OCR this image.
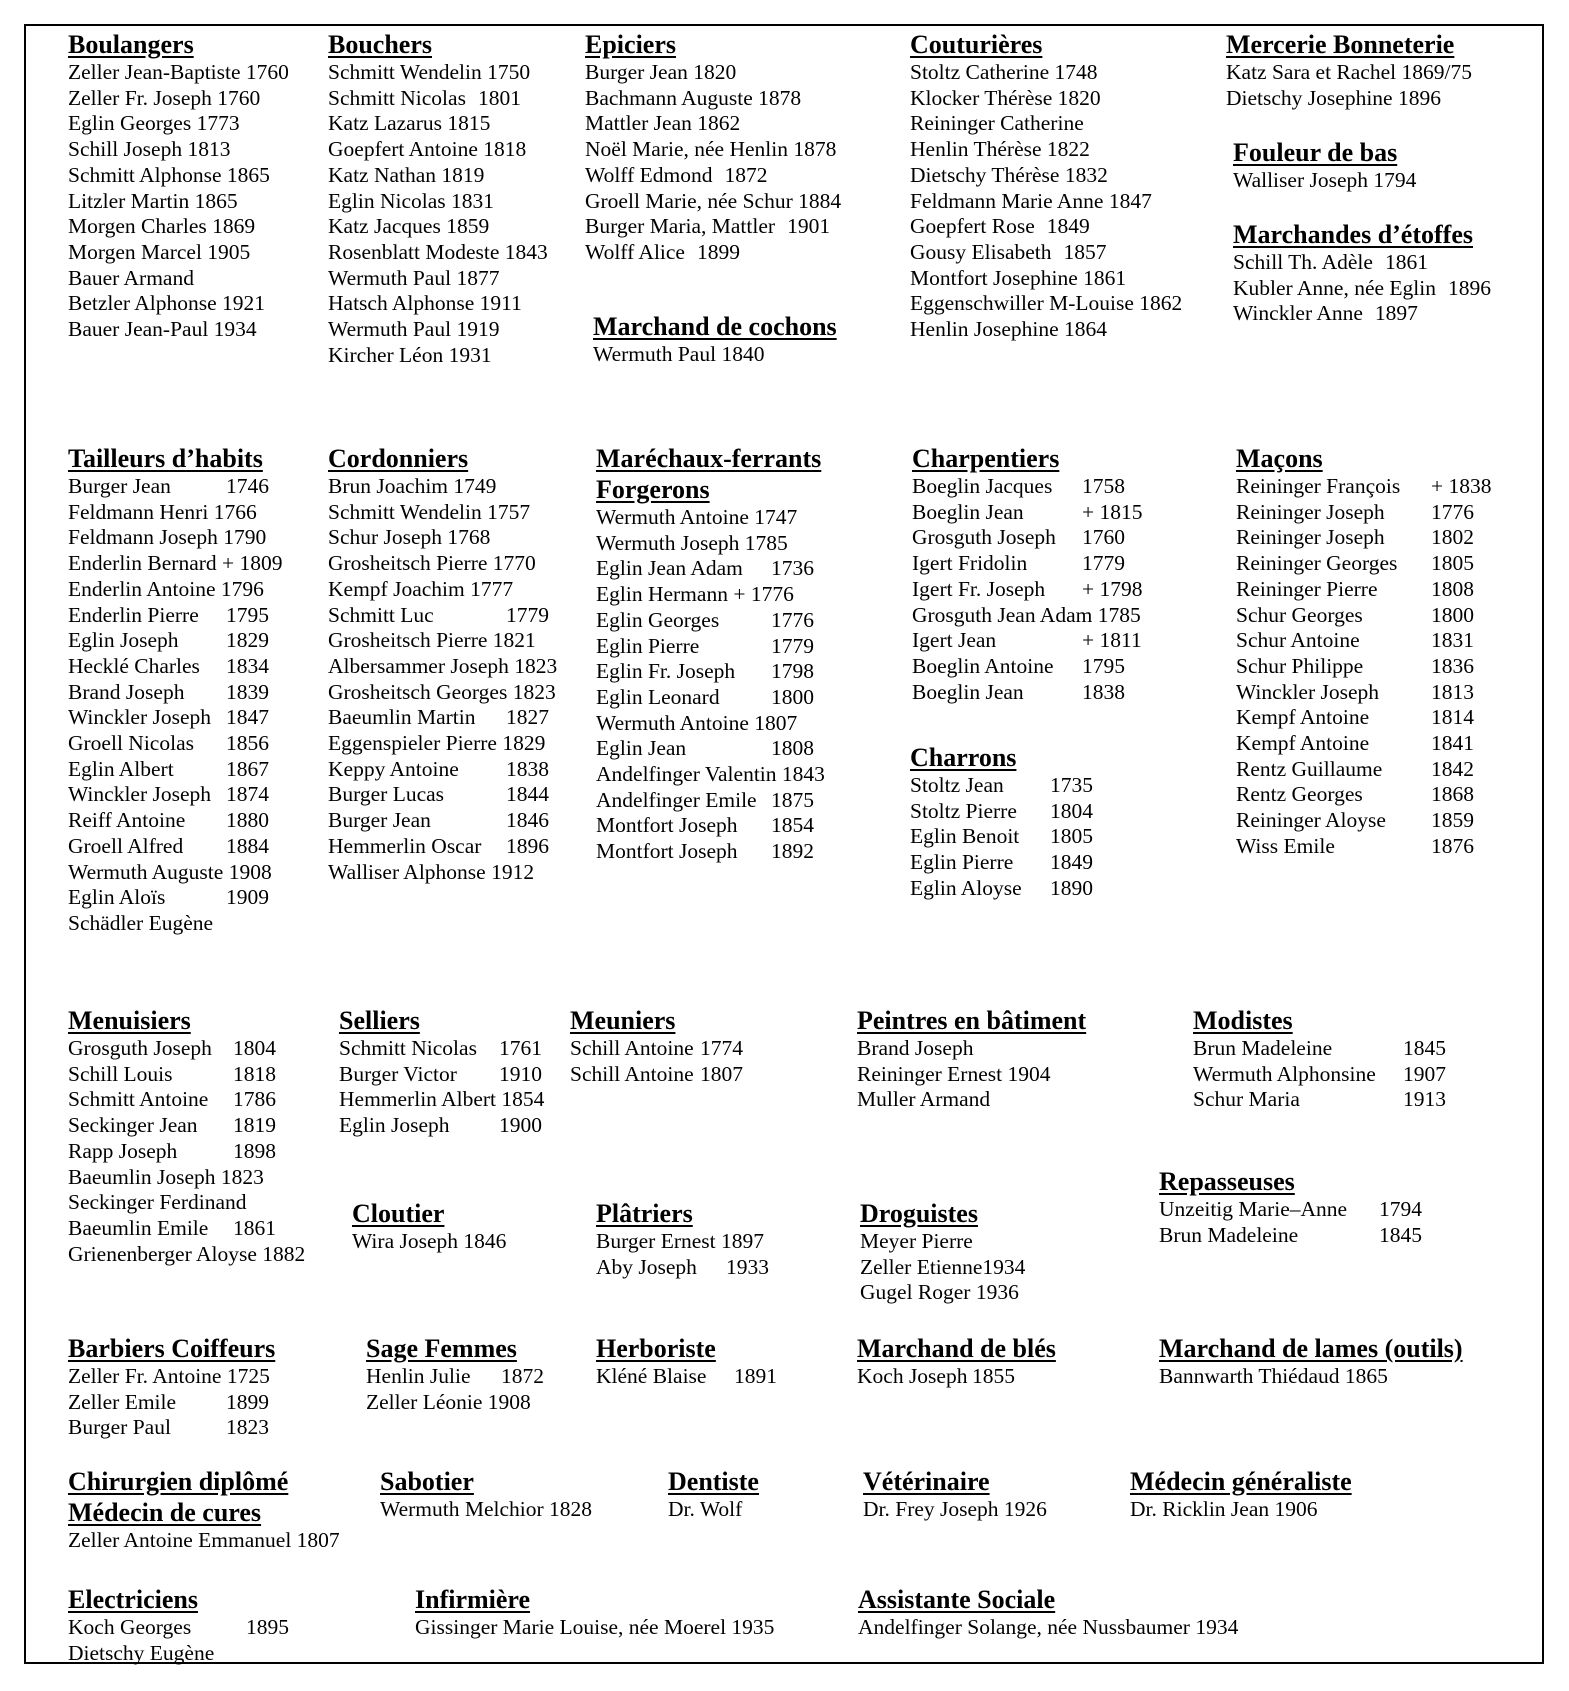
Boulangers
Zeller Jean-Baptiste 1760
Zeller Fr. Joseph 1760
Eglin Georges 1773
Schill Joseph 1813
Schmitt Alphonse 1865
Litzler Martin 1865
Morgen Charles 1869
Morgen Marcel 1905
Bauer Armand
Betzler Alphonse 1921
Bauer Jean-Paul 1934
Bouchers
Schmitt Wendelin 1750
Schmitt Nicolas 1801
Katz Lazarus 1815
Goepfert Antoine 1818
Katz Nathan 1819
Eglin Nicolas 1831
Katz Jacques 1859
Rosenblatt Modeste 1843
Wermuth Paul 1877
Hatsch Alphonse 1911
Wermuth Paul 1919
Kircher Léon 1931
Epiciers
Burger Jean 1820
Bachmann Auguste 1878
Mattler Jean 1862
Noël Marie, née Henlin 1878
Wolff Edmond 1872
Groell Marie, née Schur 1884
Burger Maria, Mattler 1901
Wolff Alice 1899
Marchand de cochons
Wermuth Paul 1840
Couturières
Stoltz Catherine 1748
Klocker Thérèse 1820
Reininger Catherine
Henlin Thérèse 1822
Dietschy Thérèse 1832
Feldmann Marie Anne 1847
Goepfert Rose 1849
Gousy Elisabeth 1857
Montfort Josephine 1861
Eggenschwiller M-Louise 1862
Henlin Josephine 1864
Mercerie Bonneterie
Katz Sara et Rachel 1869/75
Dietschy Josephine 1896
Fouleur de bas
Walliser Joseph 1794
Marchandes d’étoffes
Schill Th. Adèle 1861
Kubler Anne, née Eglin 1896
Winckler Anne 1897
Tailleurs d’habits
Burger Jean	1746
Feldmann Henri 1766
Feldmann Joseph 1790
Enderlin Bernard + 1809
Enderlin Antoine 1796
Enderlin Pierre 1795
Eglin Joseph 1829
Hecklé Charles 1834
Brand Joseph 1839
Winckler Joseph 1847
Groell Nicolas 1856
Eglin Albert 1867
Winckler Joseph 1874
Reiff Antoine 1880
Groell Alfred 1884
Wermuth Auguste 1908
Eglin Aloïs	1909
Schädler Eugène
Cordonniers
Brun Joachim 1749
Schmitt Wendelin 1757
Schur Joseph 1768
Grosheitsch Pierre 1770
Kempf Joachim 1777
Schmitt Luc	1779
Grosheitsch Pierre 1821
Albersammer Joseph 1823
Grosheitsch Georges 1823
Baeumlin Martin 1827
Eggenspieler Pierre 1829
Keppy Antoine 1838
Burger Lucas	1844
Burger Jean	1846
Hemmerlin Oscar 1896
Walliser Alphonse 1912
Maréchaux-ferrants
Forgerons
Wermuth Antoine 1747
Wermuth Joseph 1785
Eglin Jean Adam 1736
Eglin Hermann + 1776
Eglin Georges 1776
Eglin Pierre	1779
Eglin Fr. Joseph 1798
Eglin Leonard 1800
Wermuth Antoine 1807
Eglin Jean	1808
Andelfinger Valentin 1843
Andelfinger Emile 1875
Montfort Joseph 1854
Montfort Joseph 1892
Charpentiers
Boeglin Jacques 1758
Boeglin Jean	+ 1815
Grosguth Joseph 1760
Igert Fridolin	1779
Igert Fr. Joseph + 1798
Grosguth Jean Adam 1785
Igert Jean	+ 1811
Boeglin Antoine 1795
Boeglin Jean	1838
Charrons
Stoltz Jean 1735
Stoltz Pierre 1804
Eglin Benoit 1805
Eglin Pierre 1849
Eglin Aloyse 1890
Maçons
Reininger François + 1838
Reininger Joseph 1776
Reininger Joseph 1802
Reininger Georges 1805
Reininger Pierre 1808
Schur Georges	1800
Schur Antoine	1831
Schur Philippe	1836
Winckler Joseph 1813
Kempf Antoine	1814
Kempf Antoine	1841
Rentz Guillaume 1842
Rentz Georges	1868
Reininger Aloyse 1859
Wiss Emile	1876
Menuisiers
Grosguth Joseph 1804
Schill Louis	1818
Schmitt Antoine 1786
Seckinger Jean 1819
Rapp Joseph	1898
Baeumlin Joseph 1823
Seckinger Ferdinand
Baeumlin Emile 1861
Grienenberger Aloyse 1882
Selliers
Schmitt Nicolas 1761
Burger Victor 1910
Hemmerlin Albert 1854
Eglin Joseph 1900
Meuniers
Schill Antoine 1774
Schill Antoine 1807
Peintres en bâtiment
Brand Joseph
Reininger Ernest 1904
Muller Armand
Modistes
Brun Madeleine	1845
Wermuth Alphonsine 1907
Schur Maria	1913
Repasseuses
Unzeitig Marie–Anne 1794
Brun Madeleine	1845
Cloutier
Wira Joseph 1846
Plâtriers
Burger Ernest 1897
Aby Joseph 1933
Droguistes
Meyer Pierre
Zeller Etienne1934
Gugel Roger 1936
Barbiers Coiffeurs
Zeller Fr. Antoine 1725
Zeller Emile 1899
Burger Paul	1823
Sage Femmes
Henlin Julie 1872
Zeller Léonie 1908
Herboriste
Kléné Blaise 1891
Marchand de blés
Koch Joseph 1855
Marchand de lames (outils)
Bannwarth Thiédaud 1865
Chirurgien diplômé
Médecin de cures
Zeller Antoine Emmanuel 1807
Sabotier
Wermuth Melchior 1828
Dentiste
Dr. Wolf
Vétérinaire
Dr. Frey Joseph 1926
Médecin généraliste
Dr. Ricklin Jean 1906
Electriciens
Koch Georges	1895
Dietschy Eugène
Infirmière
Gissinger Marie Louise, née Moerel 1935
Assistante Sociale
Andelfinger Solange, née Nussbaumer 1934
